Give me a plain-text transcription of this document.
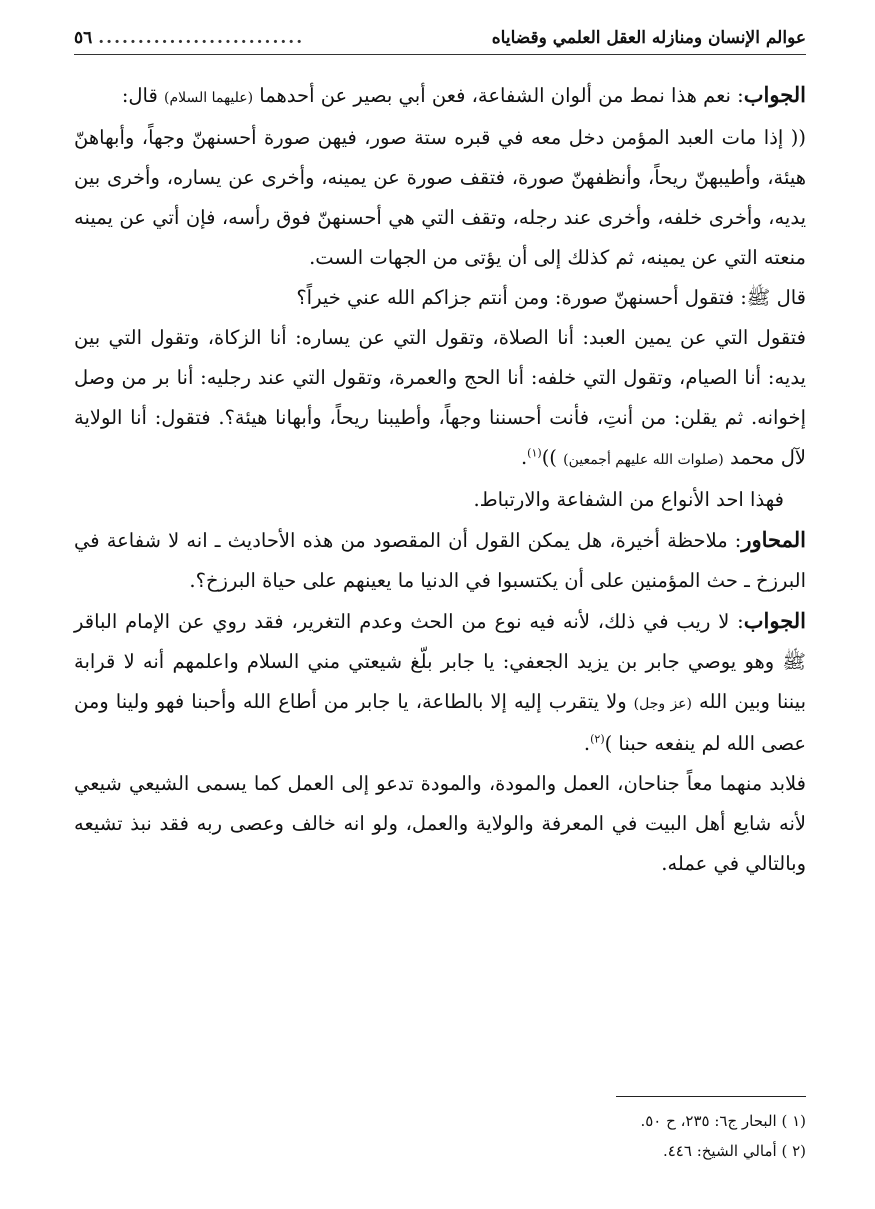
٥٦ ..........................	عوالم الإنسان ومنازله العقل العلمي وقضاياه

الجواب: نعم هذا نمط من ألوان الشفاعة، فعن أبي بصير عن أحدهما (عليهما السلام) قال:

(( إذا مات العبد المؤمن دخل معه في قبره ستة صور، فيهن صورة أحسنهنّ وجهاً، وأبهاهنّ هيئة، وأطيبهنّ ريحاً، وأنظفهنّ صورة، فتقف صورة عن يمينه، وأخرى عن يساره، وأخرى بين يديه، وأخرى خلفه، وأخرى عند رجله، وتقف التي هي أحسنهنّ فوق رأسه، فإن أتي عن يمينه منعته التي عن يمينه، ثم كذلك إلى أن يؤتى من الجهات الست.

قال ﷺ: فتقول أحسنهنّ صورة: ومن أنتم جزاكم الله عني خيراً؟

فتقول التي عن يمين العبد: أنا الصلاة، وتقول التي عن يساره: أنا الزكاة، وتقول التي بين يديه: أنا الصيام، وتقول التي خلفه: أنا الحج والعمرة، وتقول التي عند رجليه: أنا بر من وصل إخوانه. ثم يقلن: من أنتِ، فأنت أحسننا وجهاً، وأطيبنا ريحاً، وأبهانا هيئة؟. فتقول: أنا الولاية لآل محمد (صلوات الله عليهم أجمعين) ))$^{(١)}$.

فهذا احد الأنواع من الشفاعة والارتباط.

المحاور: ملاحظة أخيرة، هل يمكن القول أن المقصود من هذه الأحاديث ـ انه لا شفاعة في البرزخ ـ حث المؤمنين على أن يكتسبوا في الدنيا ما يعينهم على حياة البرزخ؟.

الجواب: لا ريب في ذلك، لأنه فيه نوع من الحث وعدم التغرير، فقد روي عن الإمام الباقر ﷺ وهو يوصي جابر بن يزيد الجعفي: يا جابر بلّغ شيعتي مني السلام واعلمهم أنه لا قرابة بيننا وبين الله (عز وجل) ولا يتقرب إليه إلا بالطاعة، يا جابر من أطاع الله وأحبنا فهو ولينا ومن عصى الله لم ينفعه حبنا )$^{(٢)}$.

فلابد منهما معاً جناحان، العمل والمودة، والمودة تدعو إلى العمل كما يسمى الشيعي شيعي لأنه شايع أهل البيت في المعرفة والولاية والعمل، ولو انه خالف وعصى ربه فقد نبذ تشيعه وبالتالي في عمله.

(١ ) البحار ج٦: ٢٣٥، ح ٥٠.
(٢ ) أمالي الشيخ: ٤٤٦.
